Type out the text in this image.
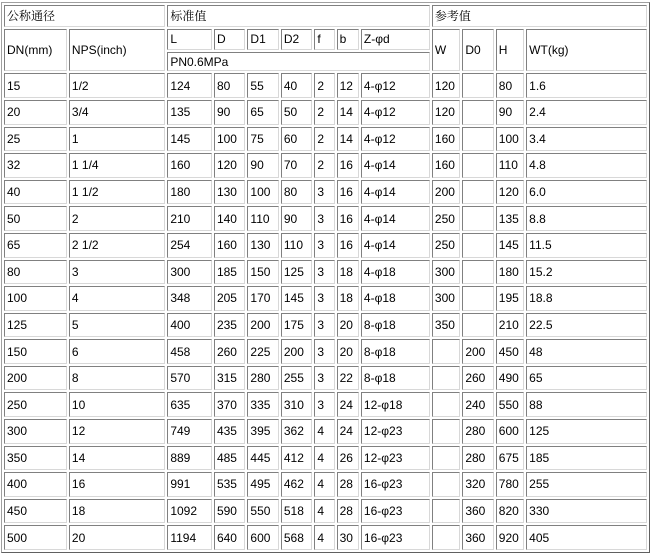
公称通径		标准值							参考值			
DN(mm)	NPS(inch)	L	D	D1	D2	f	b	Z-φd	W	D0	H	WT(kg)
		PN0.6MPa										
15	1/2	124	80	55	40	2	12	4-φ12	120		80	1.6
20	3/4	135	90	65	50	2	14	4-φ12	120		90	2.4
25	1	145	100	75	60	2	14	4-φ12	160		100	3.4
32	1 1/4	160	120	90	70	2	16	4-φ14	160		110	4.8
40	1 1/2	180	130	100	80	3	16	4-φ14	200		120	6.0
50	2	210	140	110	90	3	16	4-φ14	250		135	8.8
65	2 1/2	254	160	130	110	3	16	4-φ14	250		145	11.5
80	3	300	185	150	125	3	18	4-φ18	300		180	15.2
100	4	348	205	170	145	3	18	4-φ18	300		195	18.8
125	5	400	235	200	175	3	20	8-φ18	350		210	22.5
150	6	458	260	225	200	3	20	8-φ18		200	450	48
200	8	570	315	280	255	3	22	8-φ18		260	490	65
250	10	635	370	335	310	3	24	12-φ18		240	550	88
300	12	749	435	395	362	4	24	12-φ23		280	600	125
350	14	889	485	445	412	4	26	12-φ23		280	675	185
400	16	991	535	495	462	4	28	16-φ23		320	780	255
450	18	1092	590	550	518	4	28	16-φ23		360	820	330
500	20	1194	640	600	568	4	30	16-φ23		360	920	405
